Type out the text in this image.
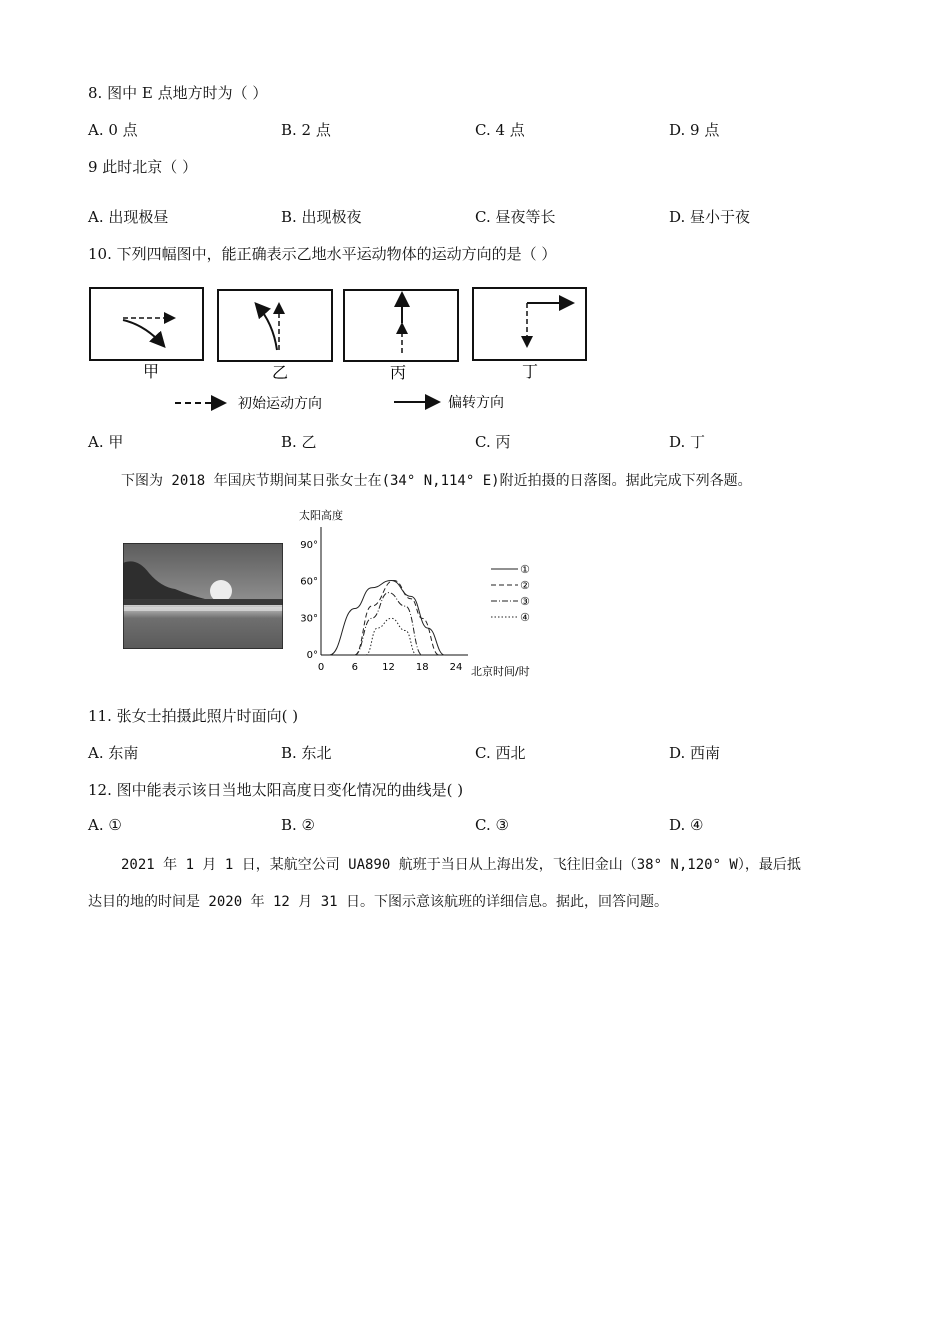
8. 图中 E 点地方时为（ ）
A. 0 点	B. 2 点	C. 4 点	D. 9 点
9 此时北京（ ）
A. 出现极昼	B. 出现极夜	C. 昼夜等长	D. 昼小于夜
10. 下列四幅图中，能正确表示乙地水平运动物体的运动方向的是（ ）
甲	乙	丙	丁
初始运动方向	偏转方向
A. 甲	B. 乙	C. 丙	D. 丁
下图为 2018 年国庆节期间某日张女士在(34° N,114° E)附近拍摄的日落图。据此完成下列各题。
太阳高度
北京时间/时
0	6 12 18 24
0°
30°
60°
90°
①
②
③
④
11. 张女士拍摄此照片时面向( )
A. 东南	B. 东北	C. 西北	D. 西南
12. 图中能表示该日当地太阳高度日变化情况的曲线是( )
A. ①	B. ②	C. ③	D. ④
2021 年 1 月 1 日，某航空公司 UA890 航班于当日从上海出发，飞往旧金山（38° N,120° W），最后抵
达目的地的时间是 2020 年 12 月 31 日。下图示意该航班的详细信息。据此，回答问题。
